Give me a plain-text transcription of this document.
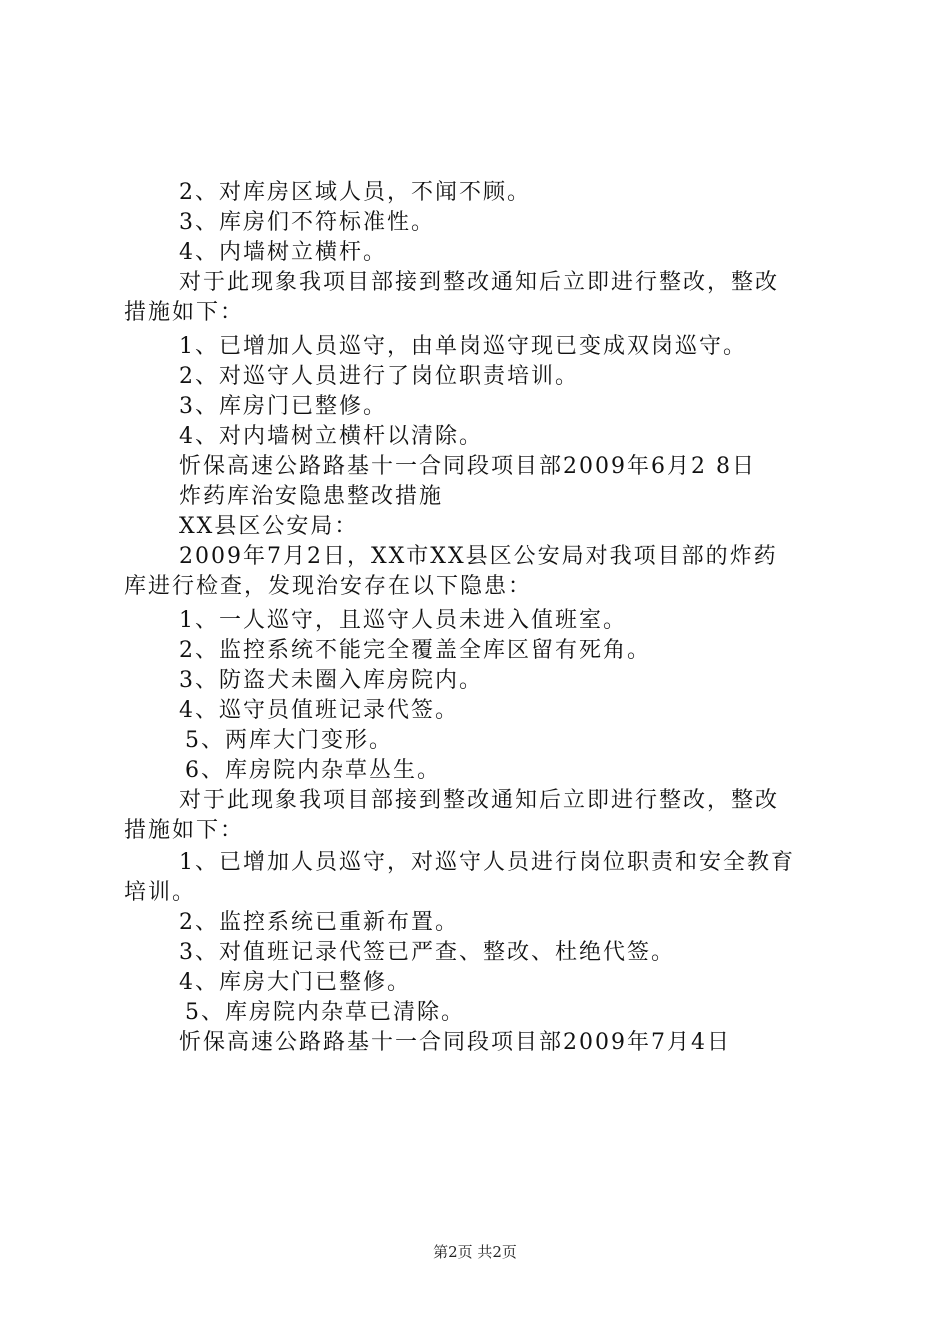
2、对库房区域人员，不闻不顾。
3、库房们不符标准性。
4、内墙树立横杆。
对于此现象我项目部接到整改通知后立即进行整改，整改
措施如下：
1、已增加人员巡守，由单岗巡守现已变成双岗巡守。
2、对巡守人员进行了岗位职责培训。
3、库房门已整修。
4、对内墙树立横杆以清除。
忻保高速公路路基十一合同段项目部2009年6月2 8日
炸药库治安隐患整改措施
XX县区公安局：
2009年7月2日，XX市XX县区公安局对我项目部的炸药
库进行检查，发现治安存在以下隐患：
1、一人巡守，且巡守人员未进入值班室。
2、监控系统不能完全覆盖全库区留有死角。
3、防盗犬未圈入库房院内。
4、巡守员值班记录代签。
5、两库大门变形。
6、库房院内杂草丛生。
对于此现象我项目部接到整改通知后立即进行整改，整改
措施如下：
1、已增加人员巡守，对巡守人员进行岗位职责和安全教育
培训。
2、监控系统已重新布置。
3、对值班记录代签已严查、整改、杜绝代签。
4、库房大门已整修。
5、库房院内杂草已清除。
忻保高速公路路基十一合同段项目部2009年7月4日
第2页 共2页
